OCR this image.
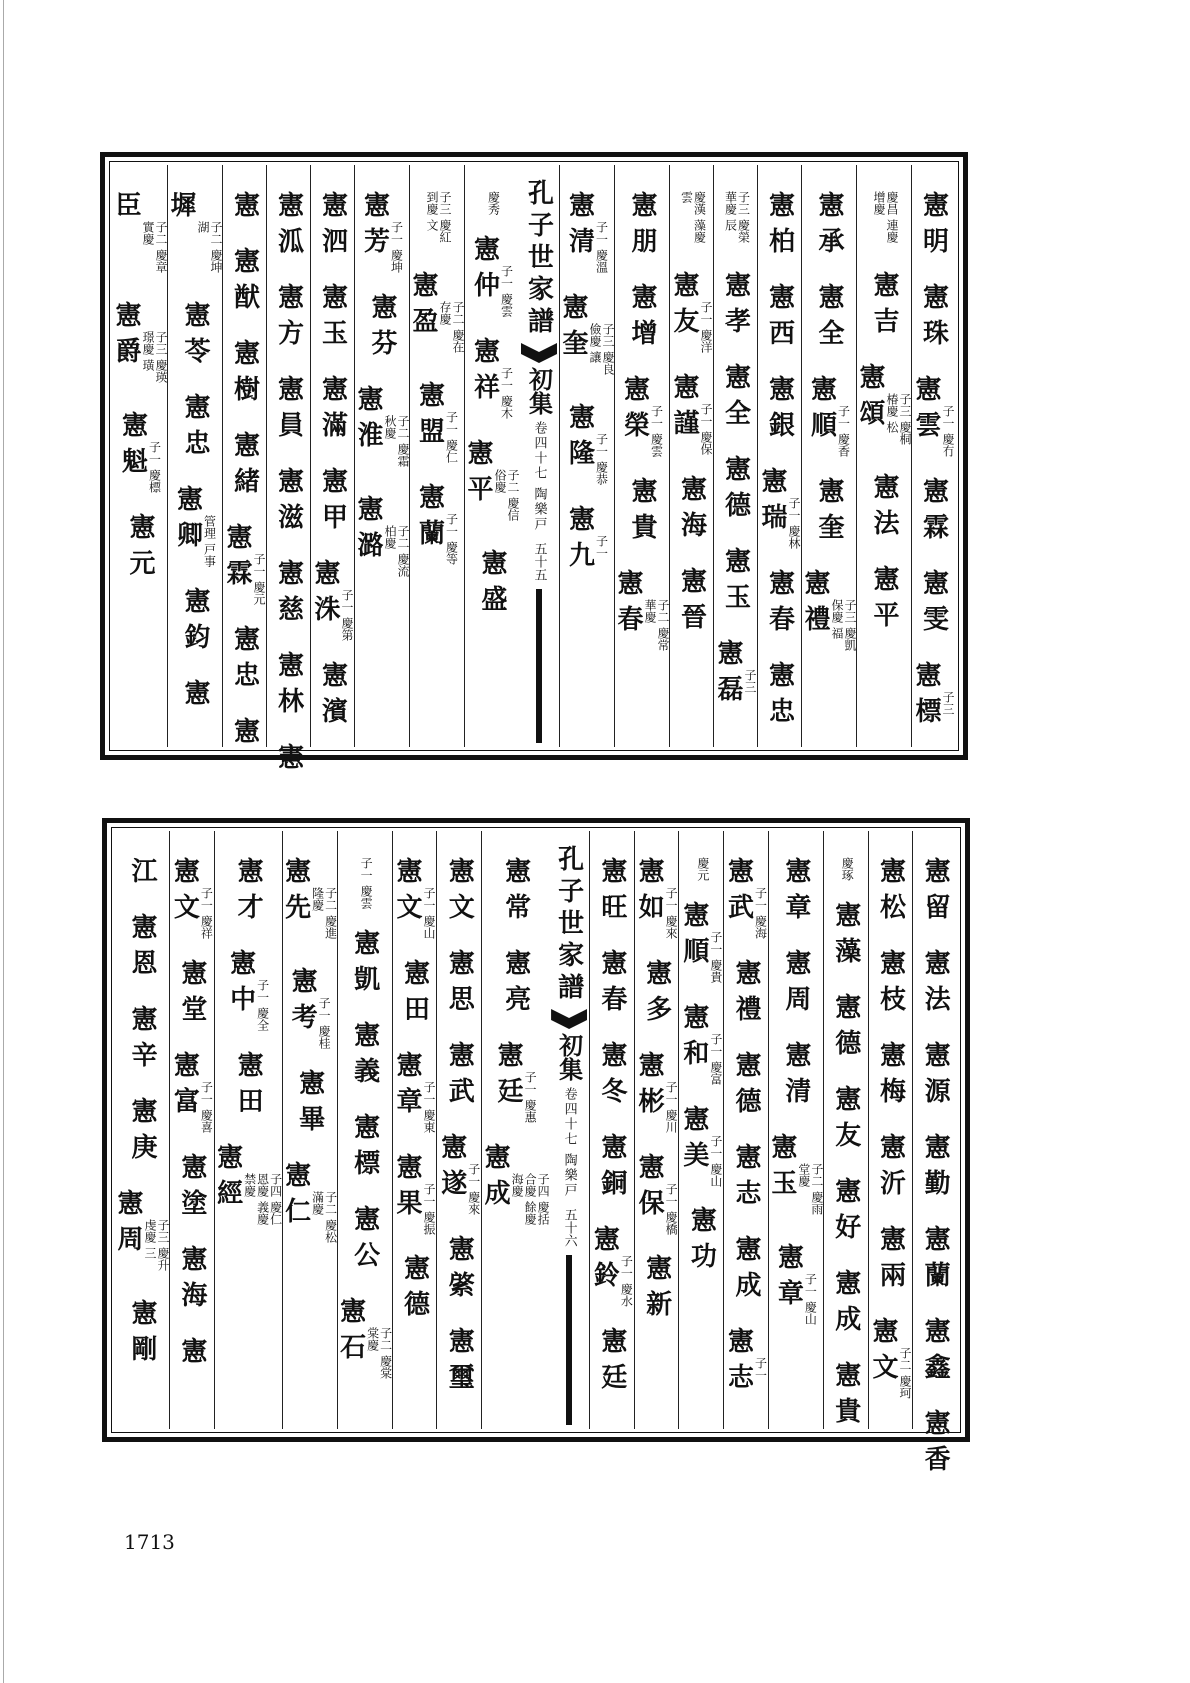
憲明
憲珠
憲雲 子一 慶冇
憲霖
憲雯
憲標 子三
慶昌 連慶 增慶
憲吉
憲頌	子三 慶桐 椿慶 松
憲法
憲平
憲承
憲全
憲順 子一 慶香
憲奎
憲禮	子三 慶凱 保慶 福
憲柏
憲西
憲銀
憲瑞 子一 慶林
憲春
憲忠
子三 慶榮 華慶 辰
憲孝
憲全
憲德
憲玉
憲磊 子三
慶漢 藻慶 雲
憲友 子一 慶洋
憲謹 子一 慶保
憲海
憲晉
憲朋
憲增
憲榮 子一 慶雲
憲貴
憲春	子二 慶常 華慶
憲清 子一 慶溫
憲奎	子三 慶良 儉慶 讓
憲隆 子一 慶恭
憲九 子一
孔子世家譜
初集
卷四十七
陶樂戸
五十五
慶秀
憲仲 子一 慶雲
憲祥 子一 慶木
憲平	子二 慶信 俗慶
憲盛
子三 慶紅 到慶 文
憲盈	子二 慶在 存慶
憲盟 子一 慶仁
憲蘭 子一 慶等
憲芳 子一 慶坤
憲芬
憲淮	子二 慶霜 秋慶
憲潞	子二 慶流 柏慶
憲泗
憲玉
憲滿
憲甲
憲洙 子一 慶第
憲濱
憲泒
憲方
憲員
憲滋
憲慈
憲林
憲
憲
憲猷
憲樹
憲緒
憲霖 子一 慶元
憲忠
憲
墀
子二 慶坤 湖
憲苓
憲忠
憲卿 管理 戸事
憲鈞
憲
臣
子二 慶章 實慶
憲爵	子三 慶瑛 璟慶 璜
憲魁 子一 慶標
憲元
憲留
憲法
憲源
憲勤
憲蘭
憲鑫
憲香
憲松
憲枝
憲梅
憲沂
憲兩
憲文 子二 慶珂
慶琢
憲藻
憲德
憲友
憲好
憲成
憲貴
憲章
憲周
憲清
憲玉	子二 慶雨 堂慶
憲章 子一 慶山
憲武 子一 慶海
憲禮
憲德
憲志
憲成
憲志 子一
慶元
憲順 子一 慶貴
憲和 子一 慶富
憲美 子一 慶山
憲功
憲如 子一 慶來
憲多
憲彬 子一 慶川
憲保 子一 慶橋
憲新
憲旺
憲春
憲冬
憲銅
憲鈴 子一 慶水
憲廷
孔子世家譜
初集
卷四十七
陶樂戸
五十六
憲常
憲亮
憲廷 子一 慶惠
憲成	子四 慶括 合慶 餘慶 海慶
憲文
憲思
憲武
憲遂 子一 慶來
憲綮
憲璽
憲文 子一 慶山
憲田
憲章 子一 慶東
憲果 子一 慶振
憲德
子一 慶雲
憲凱
憲義
憲標
憲公
憲石	子二 慶棠 棠慶
憲先	子二 慶進 隆慶
憲考 子一 慶桂
憲畢
憲仁	子二 慶松 滿慶
憲才
憲中 子一 慶全
憲田
憲經	子四 慶仁 恩慶 義慶 禁慶
憲文 子一 慶祥
憲堂
憲富 子一 慶喜
憲塗
憲海
憲
江
憲恩
憲辛
憲庚
憲周	子三 慶升 虔慶 三
憲剛
1713
